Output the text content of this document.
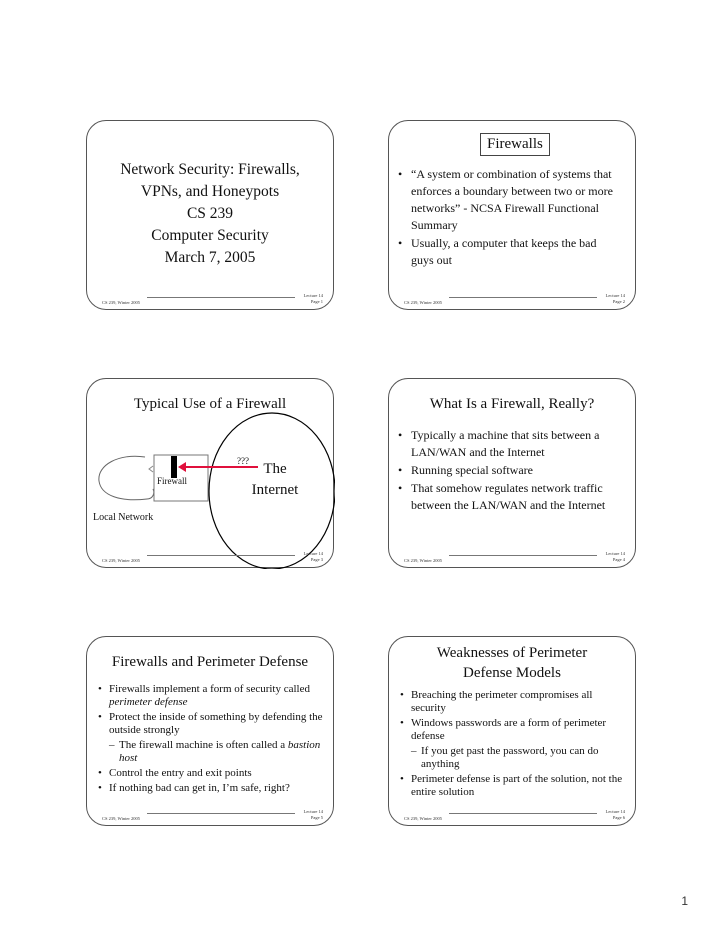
Network Security: Firewalls,
VPNs, and Honeypots
CS 239
Computer Security
March 7, 2005
CS 239, Winter 2005
Lecture 14
Page 1
Firewalls
• “A system or combination of systems that enforces a boundary between two or more networks” - NCSA Firewall Functional Summary
• Usually, a computer that keeps the bad guys out
CS 239, Winter 2005
Lecture 14
Page 2
Typical Use of a Firewall
??? The
Internet
Firewall
Local Network
CS 239, Winter 2005
Lecture 14
Page 3
What Is a Firewall, Really?
• Typically a machine that sits between a LAN/WAN and the Internet
• Running special software
• That somehow regulates network traffic between the LAN/WAN and the Internet
CS 239, Winter 2005
Lecture 14
Page 4
Firewalls and Perimeter Defense
• Firewalls implement a form of security called perimeter defense
• Protect the inside of something by defending the outside strongly
– The firewall machine is often called a bastion host
• Control the entry and exit points
• If nothing bad can get in, I’m safe, right?
CS 239, Winter 2005
Lecture 14
Page 5
Weaknesses of Perimeter
Defense Models
• Breaching the perimeter compromises all security
• Windows passwords are a form of perimeter defense
– If you get past the password, you can do anything
• Perimeter defense is part of the solution, not the entire solution
CS 239, Winter 2005
Lecture 14
Page 6
1
